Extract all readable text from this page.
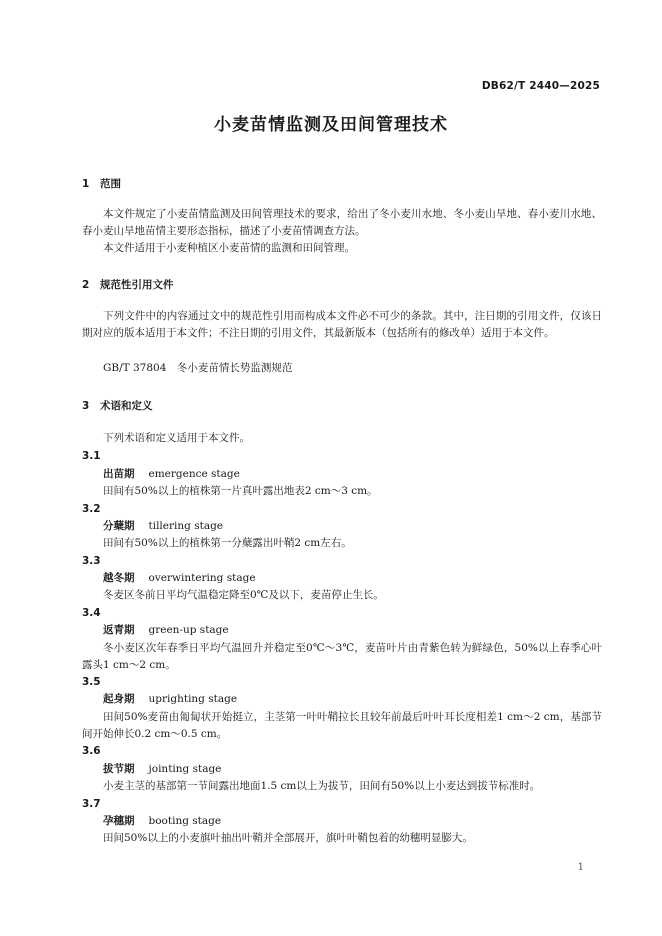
DB62/T 2440—2025
小麦苗情监测及田间管理技术
1 范围
本文件规定了小麦苗情监测及田间管理技术的要求，给出了冬小麦川水地、冬小麦山旱地、春小麦川水地、春小麦山旱地苗情主要形态指标，描述了小麦苗情调查方法。
本文件适用于小麦种植区小麦苗情的监测和田间管理。
2 规范性引用文件
下列文件中的内容通过文中的规范性引用而构成本文件必不可少的条款。其中，注日期的引用文件，仅该日期对应的版本适用于本文件；不注日期的引用文件，其最新版本（包括所有的修改单）适用于本文件。
GB/T 37804　冬小麦苗情长势监测规范
3 术语和定义
下列术语和定义适用于本文件。
3.1
出苗期 emergence stage
田间有50%以上的植株第一片真叶露出地表2 cm～3 cm。
3.2
分蘖期 tillering stage
田间有50%以上的植株第一分蘖露出叶鞘2 cm左右。
3.3
越冬期 overwintering stage
冬麦区冬前日平均气温稳定降至0℃及以下，麦苗停止生长。
3.4
返青期 green-up stage
冬小麦区次年春季日平均气温回升并稳定至0℃～3℃，麦苗叶片由青紫色转为鲜绿色，50%以上春季心叶露头1 cm～2 cm。
3.5
起身期 uprighting stage
田间50%麦苗由匍匐状开始挺立，主茎第一叶叶鞘拉长且较年前最后叶叶耳长度相差1 cm～2 cm，基部节间开始伸长0.2 cm～0.5 cm。
3.6
拔节期 jointing stage
小麦主茎的基部第一节间露出地面1.5 cm以上为拔节，田间有50%以上小麦达到拔节标准时。
3.7
孕穗期 booting stage
田间50%以上的小麦旗叶抽出叶鞘并全部展开，旗叶叶鞘包着的幼穗明显膨大。
1
